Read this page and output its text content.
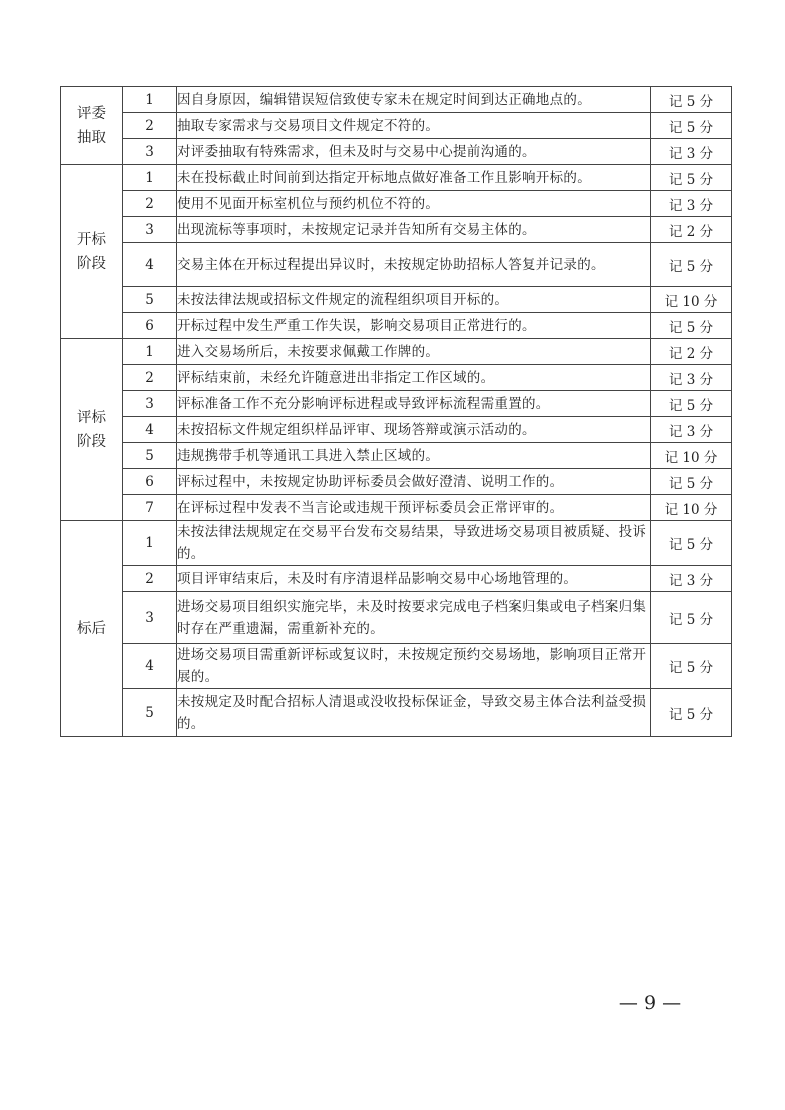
评委
抽取	1	因自身原因，编辑错误短信致使专家未在规定时间到达正确地点的。	记 5 分
	2	抽取专家需求与交易项目文件规定不符的。	记 5 分
	3	对评委抽取有特殊需求，但未及时与交易中心提前沟通的。	记 3 分
开标
阶段	1	未在投标截止时间前到达指定开标地点做好准备工作且影响开标的。	记 5 分
	2	使用不见面开标室机位与预约机位不符的。	记 3 分
	3	出现流标等事项时，未按规定记录并告知所有交易主体的。	记 2 分
	4	交易主体在开标过程提出异议时，未按规定协助招标人答复并记录的。	记 5 分
	5	未按法律法规或招标文件规定的流程组织项目开标的。	记 10 分
	6	开标过程中发生严重工作失误，影响交易项目正常进行的。	记 5 分
评标
阶段	1	进入交易场所后，未按要求佩戴工作牌的。	记 2 分
	2	评标结束前，未经允许随意进出非指定工作区域的。	记 3 分
	3	评标准备工作不充分影响评标进程或导致评标流程需重置的。	记 5 分
	4	未按招标文件规定组织样品评审、现场答辩或演示活动的。	记 3 分
	5	违规携带手机等通讯工具进入禁止区域的。	记 10 分
	6	评标过程中，未按规定协助评标委员会做好澄清、说明工作的。	记 5 分
	7	在评标过程中发表不当言论或违规干预评标委员会正常评审的。	记 10 分
标后	1	未按法律法规规定在交易平台发布交易结果，导致进场交易项目被质疑、投诉的。	记 5 分
	2	项目评审结束后，未及时有序清退样品影响交易中心场地管理的。	记 3 分
	3	进场交易项目组织实施完毕，未及时按要求完成电子档案归集或电子档案归集时存在严重遗漏，需重新补充的。	记 5 分
	4	进场交易项目需重新评标或复议时，未按规定预约交易场地，影响项目正常开展的。	记 5 分
	5	未按规定及时配合招标人清退或没收投标保证金，导致交易主体合法利益受损的。	记 5 分
— 9 —
